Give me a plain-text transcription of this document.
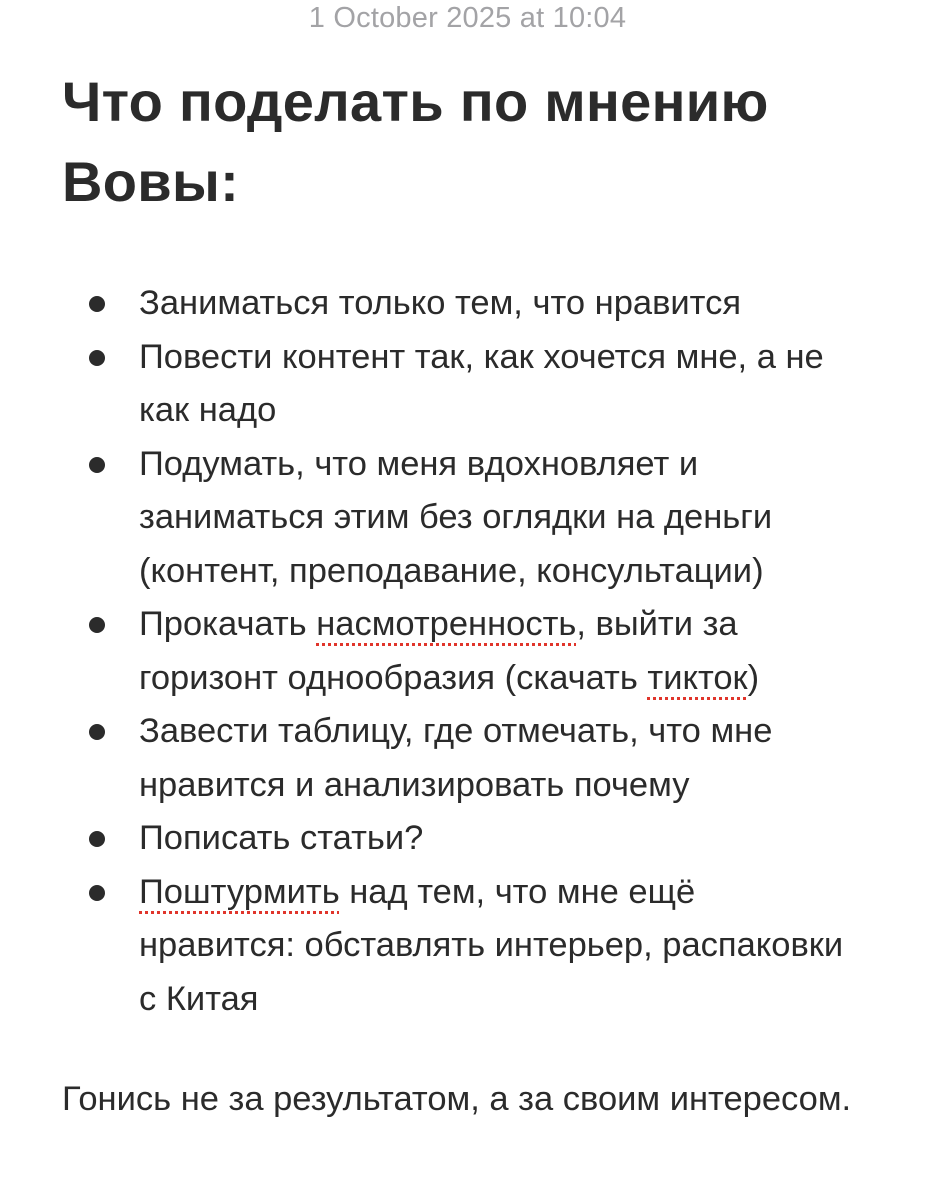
1 October 2025 at 10:04
Что поделать по мнению Вовы:
Заниматься только тем, что нравится
Повести контент так, как хочется мне, а не как надо
Подумать, что меня вдохновляет и заниматься этим без оглядки на деньги (контент, преподавание, консультации)
Прокачать насмотренность, выйти за горизонт однообразия (скачать тикток)
Завести таблицу, где отмечать, что мне нравится и анализировать почему
Пописать статьи?
Поштурмить над тем, что мне ещё нравится: обставлять интерьер, распаковки с Китая

Гонись не за результатом, а за своим интересом.
